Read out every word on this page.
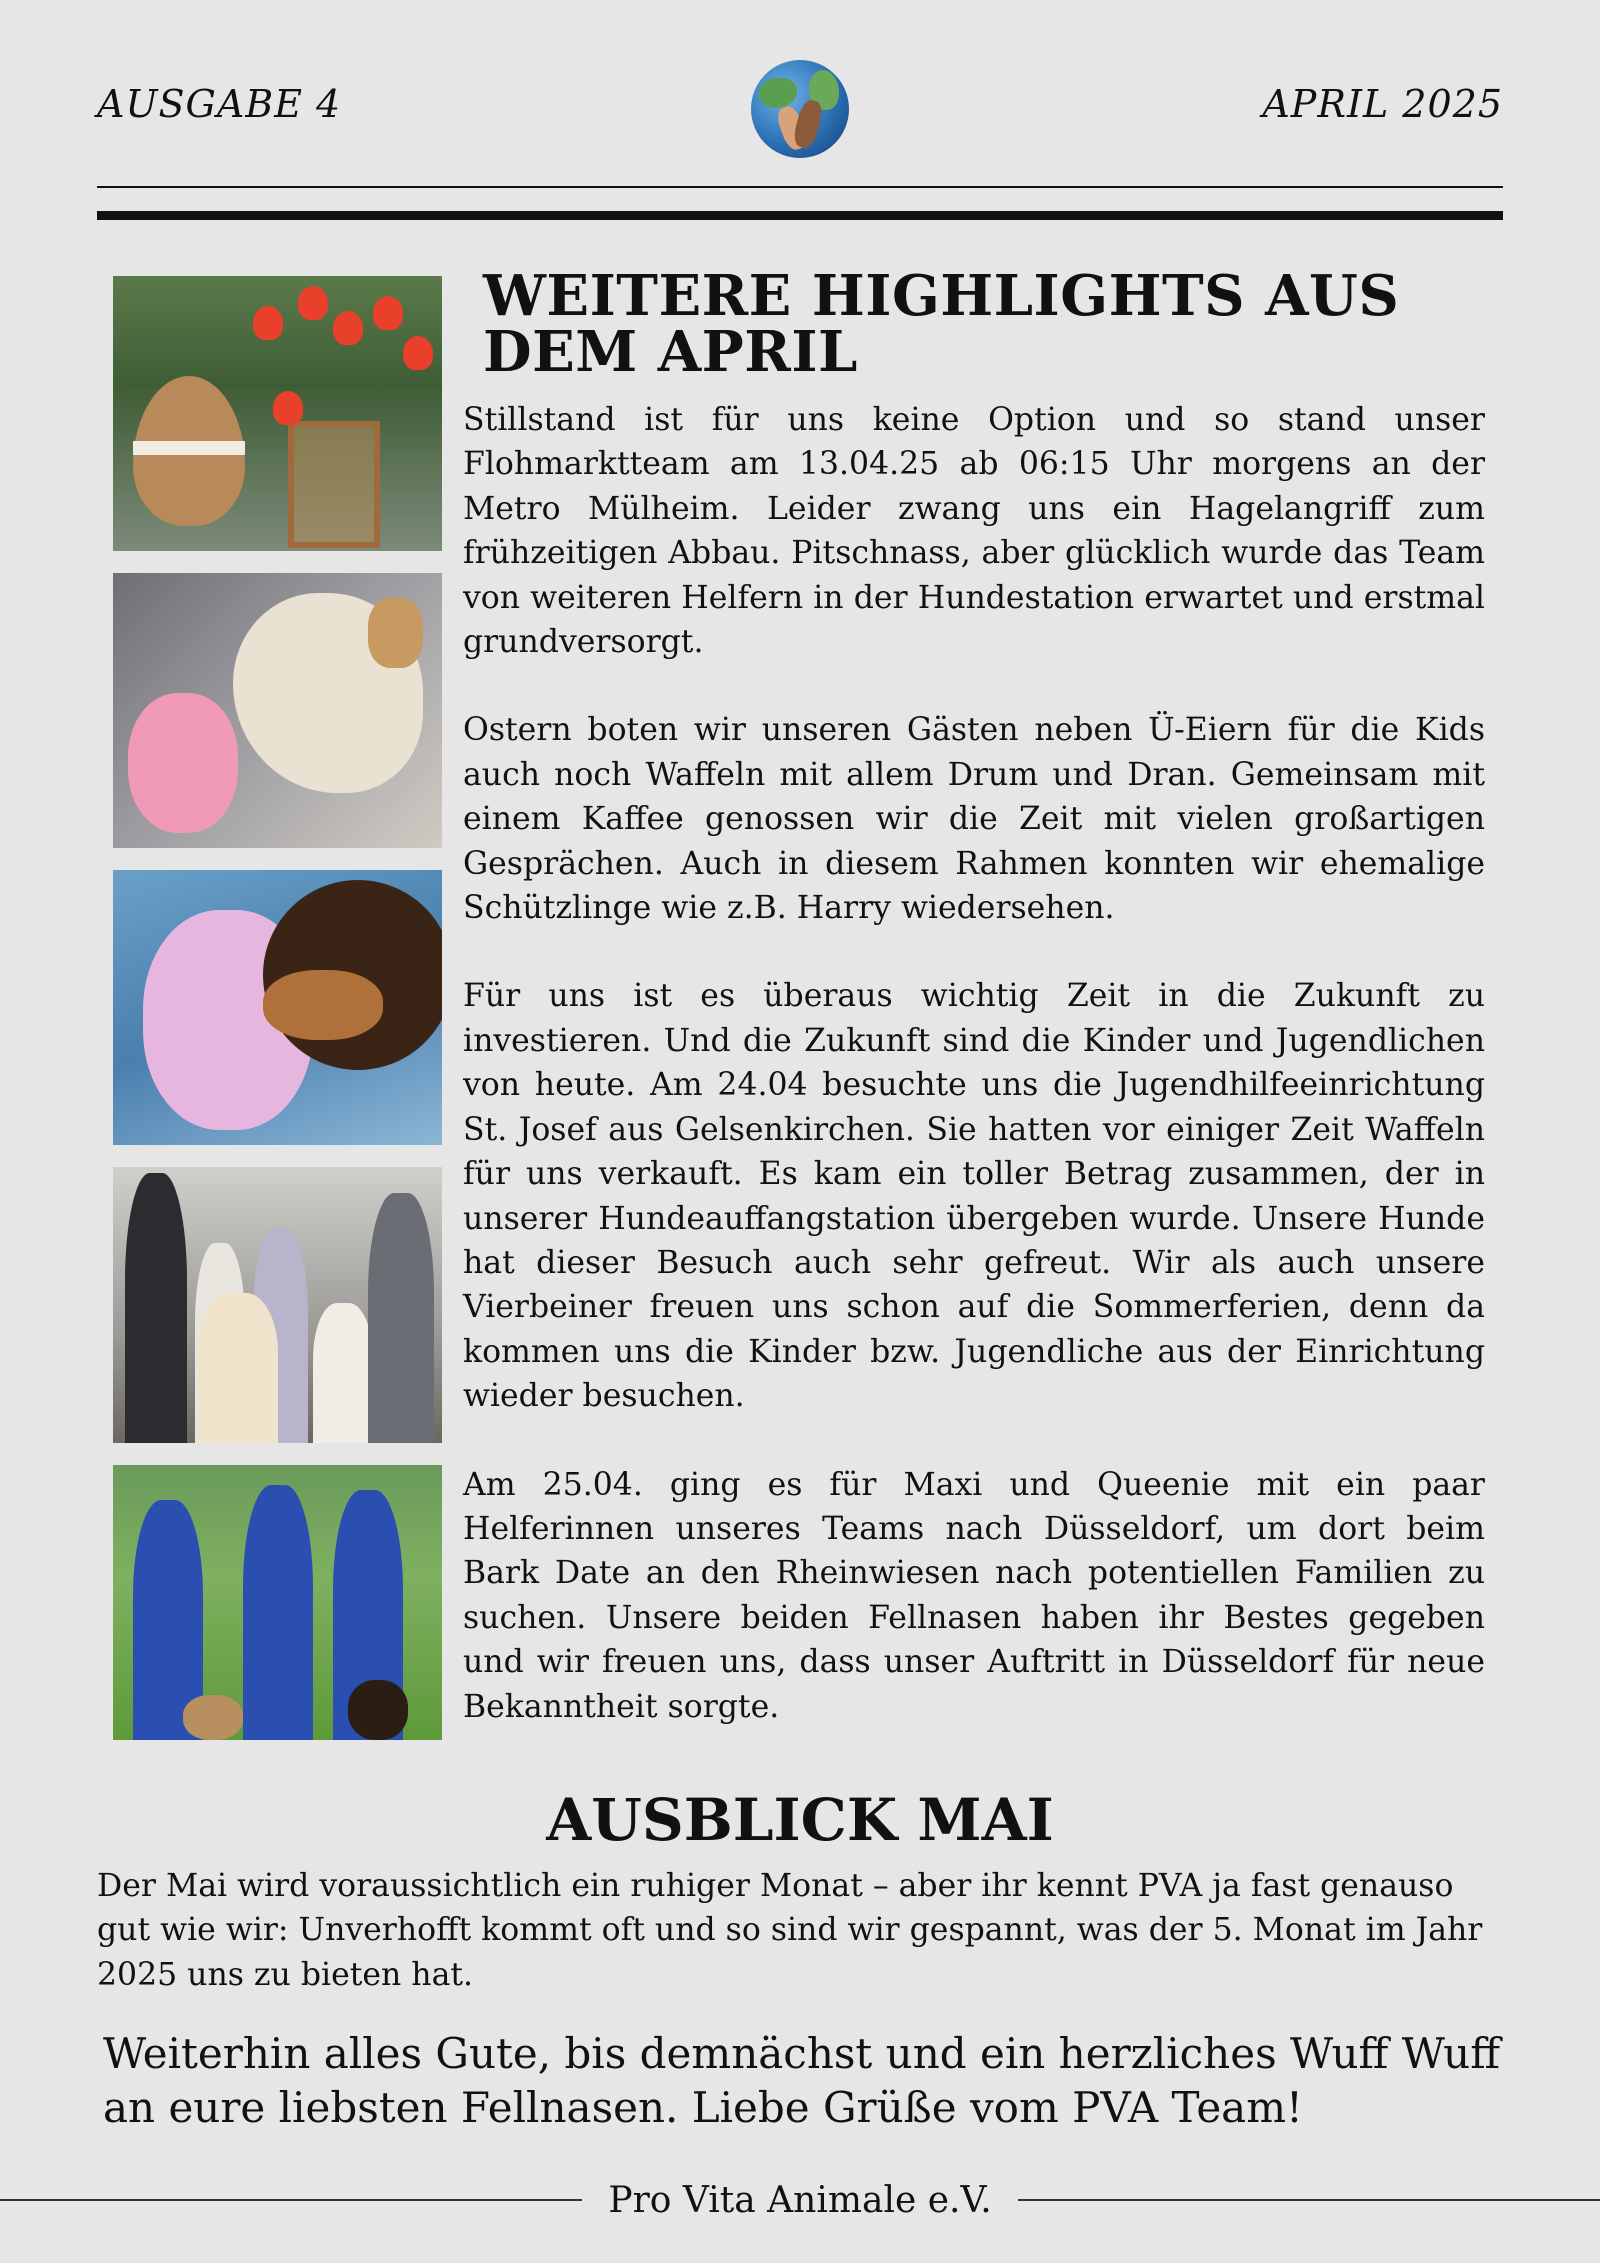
AUSGABE 4	APRIL 2025
WEITERE HIGHLIGHTS AUS
DEM APRIL

Stillstand ist für uns keine Option und so stand unser Flohmarktteam am 13.04.25 ab 06:15 Uhr morgens an der Metro Mülheim. Leider zwang uns ein Hagelangriff zum frühzeitigen Abbau. Pitschnass, aber glücklich wurde das Team von weiteren Helfern in der Hundestation erwartet und erstmal grundversorgt.

Ostern boten wir unseren Gästen neben Ü-Eiern für die Kids auch noch Waffeln mit allem Drum und Dran. Gemeinsam mit einem Kaffee genossen wir die Zeit mit vielen großartigen Gesprächen. Auch in diesem Rahmen konnten wir ehemalige Schützlinge wie z.B. Harry wiedersehen.

Für uns ist es überaus wichtig Zeit in die Zukunft zu investieren. Und die Zukunft sind die Kinder und Jugendlichen von heute. Am 24.04 besuchte uns die Jugendhilfeeinrichtung St. Josef aus Gelsenkirchen. Sie hatten vor einiger Zeit Waffeln für uns verkauft. Es kam ein toller Betrag zusammen, der in unserer Hundeauffangstation übergeben wurde. Unsere Hunde hat dieser Besuch auch sehr gefreut. Wir als auch unsere Vierbeiner freuen uns schon auf die Sommerferien, denn da kommen uns die Kinder bzw. Jugendliche aus der Einrichtung wieder besuchen.

Am 25.04. ging es für Maxi und Queenie mit ein paar Helferinnen unseres Teams nach Düsseldorf, um dort beim Bark Date an den Rheinwiesen nach potentiellen Familien zu suchen. Unsere beiden Fellnasen haben ihr Bestes gegeben und wir freuen uns, dass unser Auftritt in Düsseldorf für neue Bekanntheit sorgte.

AUSBLICK MAI

Der Mai wird voraussichtlich ein ruhiger Monat – aber ihr kennt PVA ja fast genauso gut wie wir: Unverhofft kommt oft und so sind wir gespannt, was der 5. Monat im Jahr 2025 uns zu bieten hat.

Weiterhin alles Gute, bis demnächst und ein herzliches Wuff Wuff an eure liebsten Fellnasen. Liebe Grüße vom PVA Team!

Pro Vita Animale e.V.
